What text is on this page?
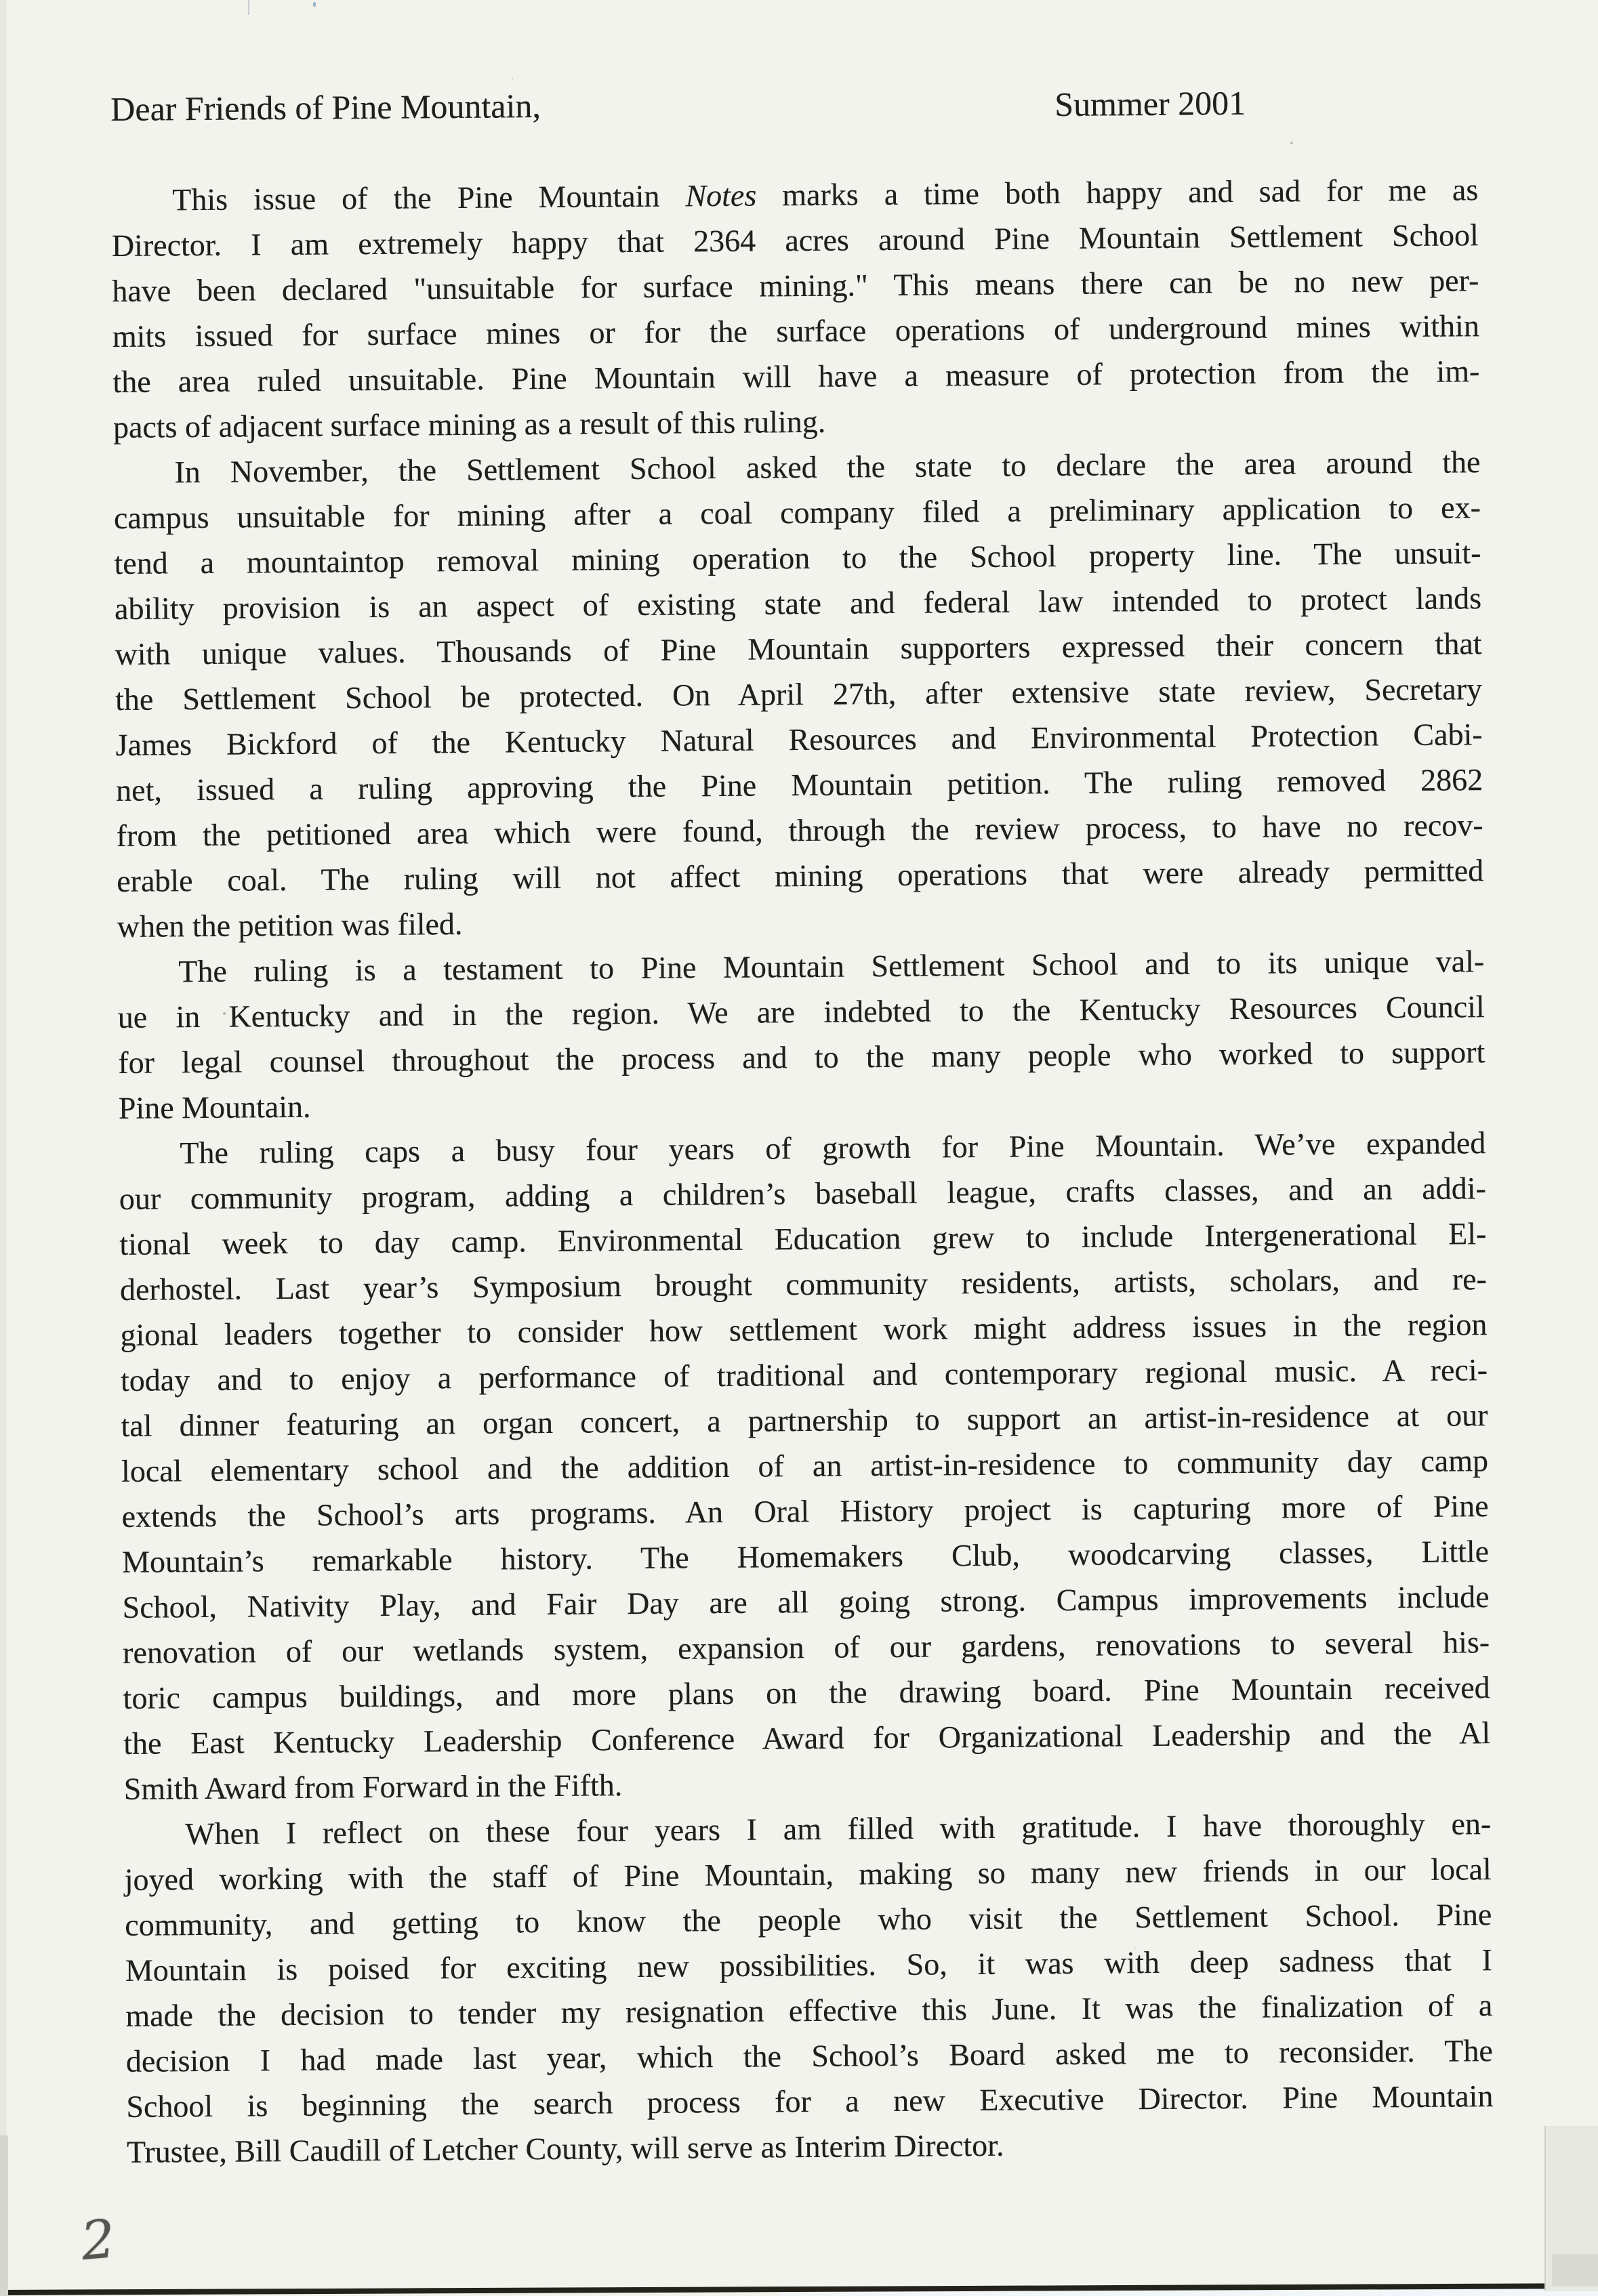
Dear Friends of Pine Mountain,	Summer 2001
This issue of the Pine Mountain Notes marks a time both happy and sad for me as
Director. I am extremely happy that 2364 acres around Pine Mountain Settlement School
have been declared "unsuitable for surface mining." This means there can be no new per-
mits issued for surface mines or for the surface operations of underground mines within
the area ruled unsuitable. Pine Mountain will have a measure of protection from the im-
pacts of adjacent surface mining as a result of this ruling.
In November, the Settlement School asked the state to declare the area around the
campus unsuitable for mining after a coal company filed a preliminary application to ex-
tend a mountaintop removal mining operation to the School property line. The unsuit-
ability provision is an aspect of existing state and federal law intended to protect lands
with unique values. Thousands of Pine Mountain supporters expressed their concern that
the Settlement School be protected. On April 27th, after extensive state review, Secretary
James Bickford of the Kentucky Natural Resources and Environmental Protection Cabi-
net, issued a ruling approving the Pine Mountain petition. The ruling removed 2862
from the petitioned area which were found, through the review process, to have no recov-
erable coal. The ruling will not affect mining operations that were already permitted
when the petition was filed.
The ruling is a testament to Pine Mountain Settlement School and to its unique val-
ue in Kentucky and in the region. We are indebted to the Kentucky Resources Council
for legal counsel throughout the process and to the many people who worked to support
Pine Mountain.
The ruling caps a busy four years of growth for Pine Mountain. We’ve expanded
our community program, adding a children’s baseball league, crafts classes, and an addi-
tional week to day camp. Environmental Education grew to include Intergenerational El-
derhostel. Last year’s Symposium brought community residents, artists, scholars, and re-
gional leaders together to consider how settlement work might address issues in the region
today and to enjoy a performance of traditional and contemporary regional music. A reci-
tal dinner featuring an organ concert, a partnership to support an artist-in-residence at our
local elementary school and the addition of an artist-in-residence to community day camp
extends the School’s arts programs. An Oral History project is capturing more of Pine
Mountain’s remarkable history. The Homemakers Club, woodcarving classes, Little
School, Nativity Play, and Fair Day are all going strong. Campus improvements include
renovation of our wetlands system, expansion of our gardens, renovations to several his-
toric campus buildings, and more plans on the drawing board. Pine Mountain received
the East Kentucky Leadership Conference Award for Organizational Leadership and the Al
Smith Award from Forward in the Fifth.
When I reflect on these four years I am filled with gratitude. I have thoroughly en-
joyed working with the staff of Pine Mountain, making so many new friends in our local
community, and getting to know the people who visit the Settlement School. Pine
Mountain is poised for exciting new possibilities. So, it was with deep sadness that I
made the decision to tender my resignation effective this June. It was the finalization of a
decision I had made last year, which the School’s Board asked me to reconsider. The
School is beginning the search process for a new Executive Director. Pine Mountain
Trustee, Bill Caudill of Letcher County, will serve as Interim Director.
2
